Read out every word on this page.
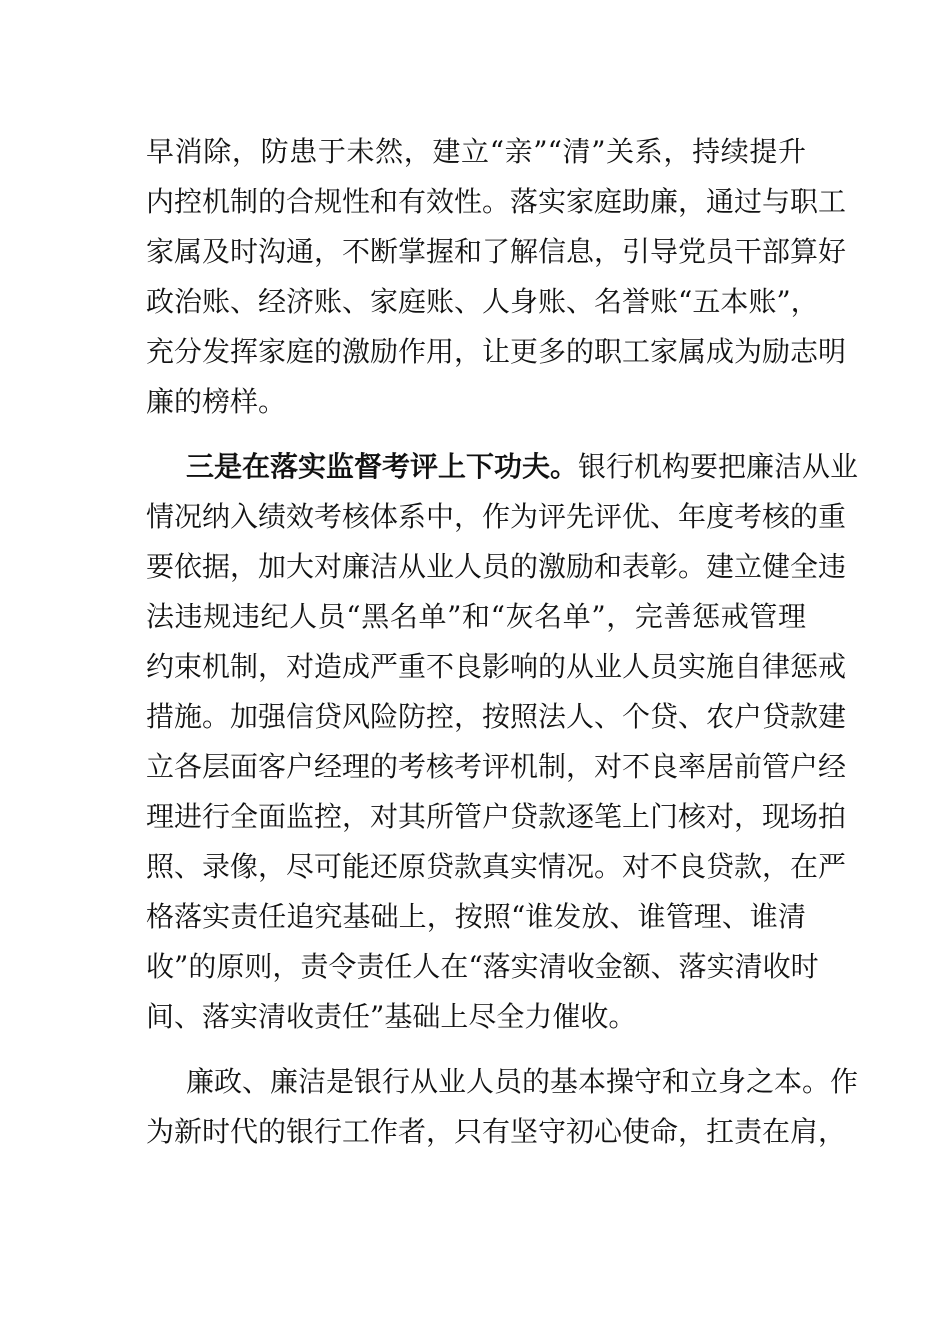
早消除，防患于未然，建立“亲”“清”关系，持续提升
内控机制的合规性和有效性。落实家庭助廉，通过与职工
家属及时沟通，不断掌握和了解信息，引导党员干部算好
政治账、经济账、家庭账、人身账、名誉账“五本账”，
充分发挥家庭的激励作用，让更多的职工家属成为励志明
廉的榜样。
三是在落实监督考评上下功夫。银行机构要把廉洁从业
情况纳入绩效考核体系中，作为评先评优、年度考核的重
要依据，加大对廉洁从业人员的激励和表彰。建立健全违
法违规违纪人员“黑名单”和“灰名单”，完善惩戒管理
约束机制，对造成严重不良影响的从业人员实施自律惩戒
措施。加强信贷风险防控，按照法人、个贷、农户贷款建
立各层面客户经理的考核考评机制，对不良率居前管户经
理进行全面监控，对其所管户贷款逐笔上门核对，现场拍
照、录像，尽可能还原贷款真实情况。对不良贷款，在严
格落实责任追究基础上，按照“谁发放、谁管理、谁清
收”的原则，责令责任人在“落实清收金额、落实清收时
间、落实清收责任”基础上尽全力催收。
廉政、廉洁是银行从业人员的基本操守和立身之本。作
为新时代的银行工作者，只有坚守初心使命，扛责在肩，
